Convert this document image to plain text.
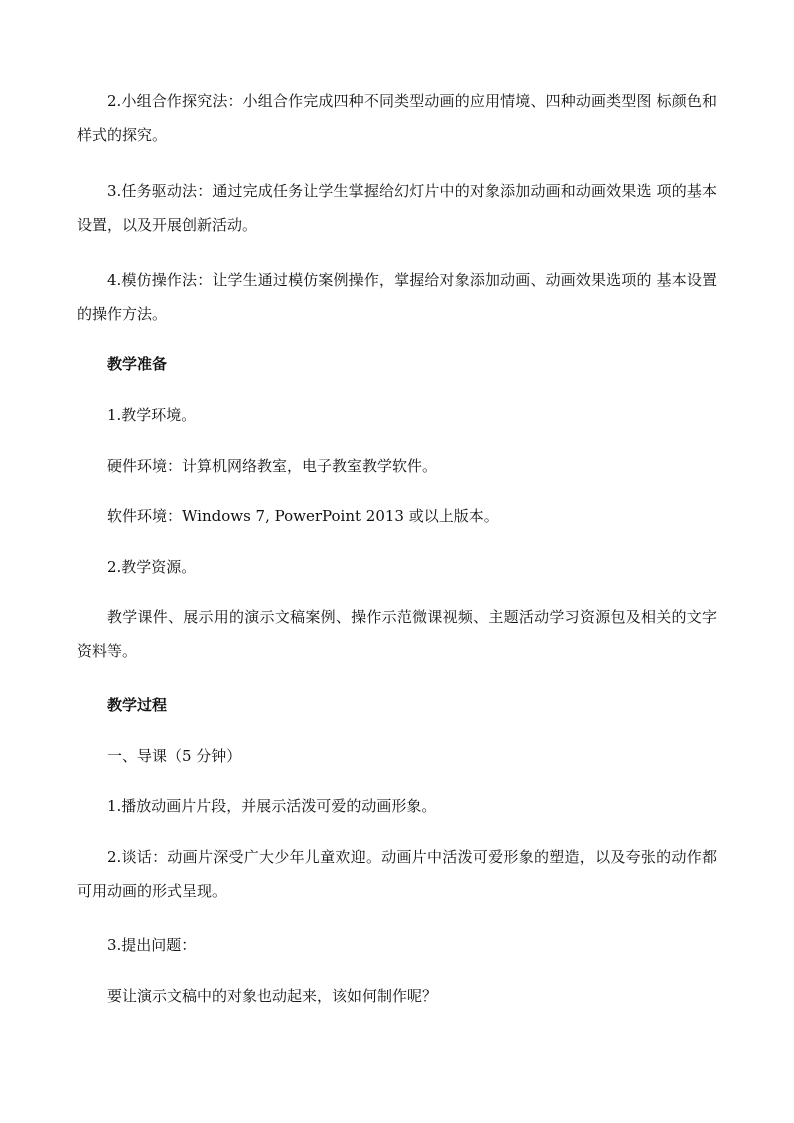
2.小组合作探究法：小组合作完成四种不同类型动画的应用情境、四种动画类型图 标颜色和样式的探究。

3.任务驱动法：通过完成任务让学生掌握给幻灯片中的对象添加动画和动画效果选 项的基本设置，以及开展创新活动。

4.模仿操作法：让学生通过模仿案例操作，掌握给对象添加动画、动画效果选项的 基本设置的操作方法。

教学准备

1.教学环境。

硬件环境：计算机网络教室，电子教室教学软件。

软件环境：Windows 7, PowerPoint 2013 或以上版本。

2.教学资源。

教学课件、展示用的演示文稿案例、操作示范微课视频、主题活动学习资源包及相关的文字资料等。

教学过程

一、导课（5 分钟）

1.播放动画片片段，并展示活泼可爱的动画形象。

2.谈话：动画片深受广大少年儿童欢迎。动画片中活泼可爱形象的塑造，以及夸张的动作都可用动画的形式呈现。

3.提出问题：

要让演示文稿中的对象也动起来，该如何制作呢？
